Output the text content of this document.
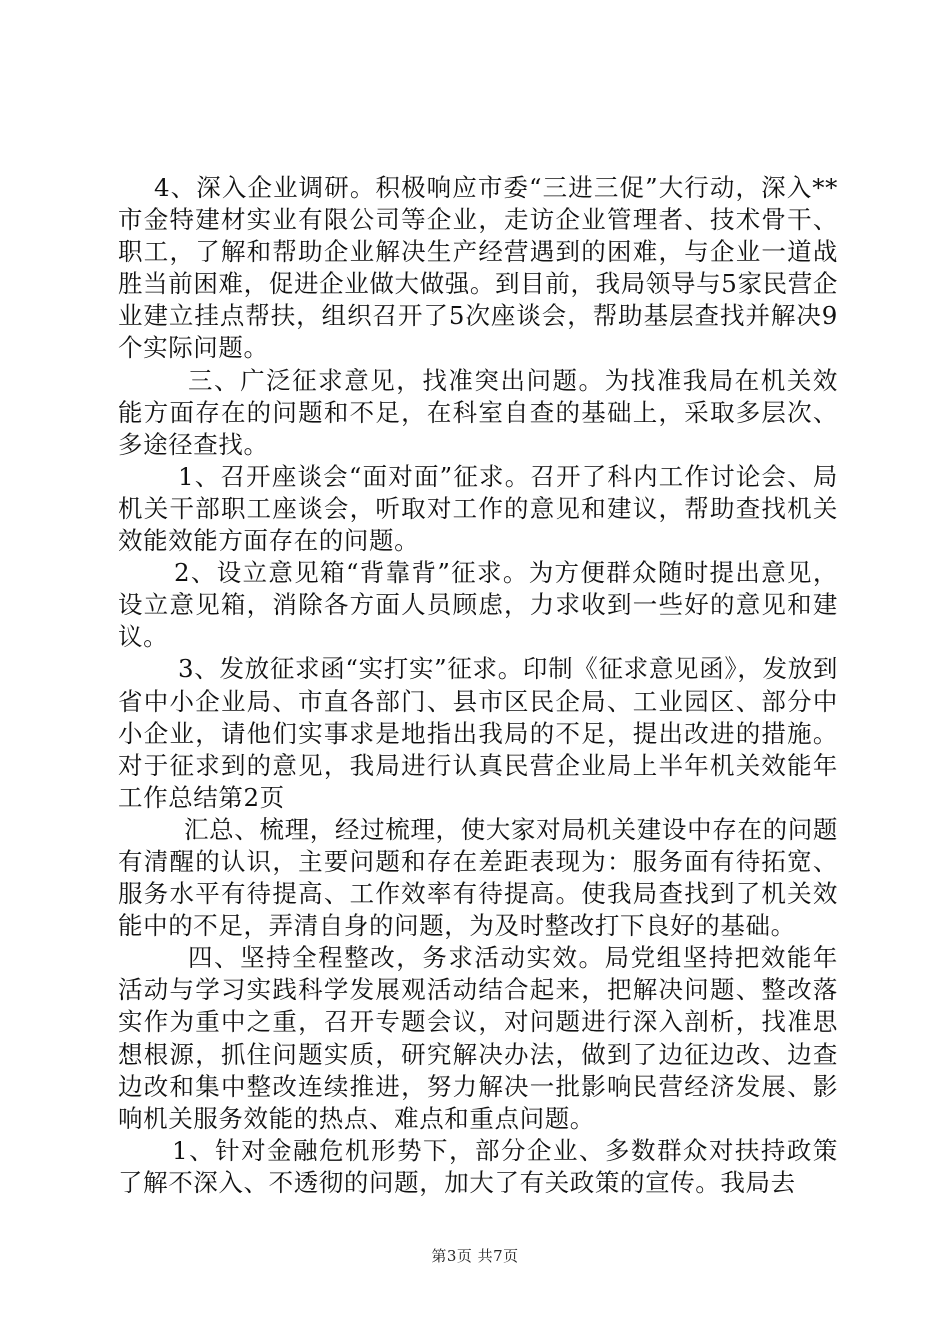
4、深入企业调研。积极响应市委“三进三促”大行动，深入**市金特建材实业有限公司等企业，走访企业管理者、技术骨干、职工，了解和帮助企业解决生产经营遇到的困难，与企业一道战胜当前困难，促进企业做大做强。到目前，我局领导与5家民营企业建立挂点帮扶，组织召开了5次座谈会，帮助基层查找并解决9个实际问题。

三、广泛征求意见，找准突出问题。为找准我局在机关效能方面存在的问题和不足，在科室自查的基础上，采取多层次、多途径查找。

1、召开座谈会“面对面”征求。召开了科内工作讨论会、局机关干部职工座谈会，听取对工作的意见和建议，帮助查找机关效能效能方面存在的问题。

2、设立意见箱“背靠背”征求。为方便群众随时提出意见，设立意见箱，消除各方面人员顾虑，力求收到一些好的意见和建议。

3、发放征求函“实打实”征求。印制《征求意见函》，发放到省中小企业局、市直各部门、县市区民企局、工业园区、部分中小企业，请他们实事求是地指出我局的不足，提出改进的措施。对于征求到的意见，我局进行认真民营企业局上半年机关效能年工作总结第2页

汇总、梳理，经过梳理，使大家对局机关建设中存在的问题有清醒的认识，主要问题和存在差距表现为：服务面有待拓宽、服务水平有待提高、工作效率有待提高。使我局查找到了机关效能中的不足，弄清自身的问题，为及时整改打下良好的基础。

四、坚持全程整改，务求活动实效。局党组坚持把效能年活动与学习实践科学发展观活动结合起来，把解决问题、整改落实作为重中之重，召开专题会议，对问题进行深入剖析，找准思想根源，抓住问题实质，研究解决办法，做到了边征边改、边查边改和集中整改连续推进，努力解决一批影响民营经济发展、影响机关服务效能的热点、难点和重点问题。

1、针对金融危机形势下，部分企业、多数群众对扶持政策了解不深入、不透彻的问题，加大了有关政策的宣传。我局去

第3页 共7页
